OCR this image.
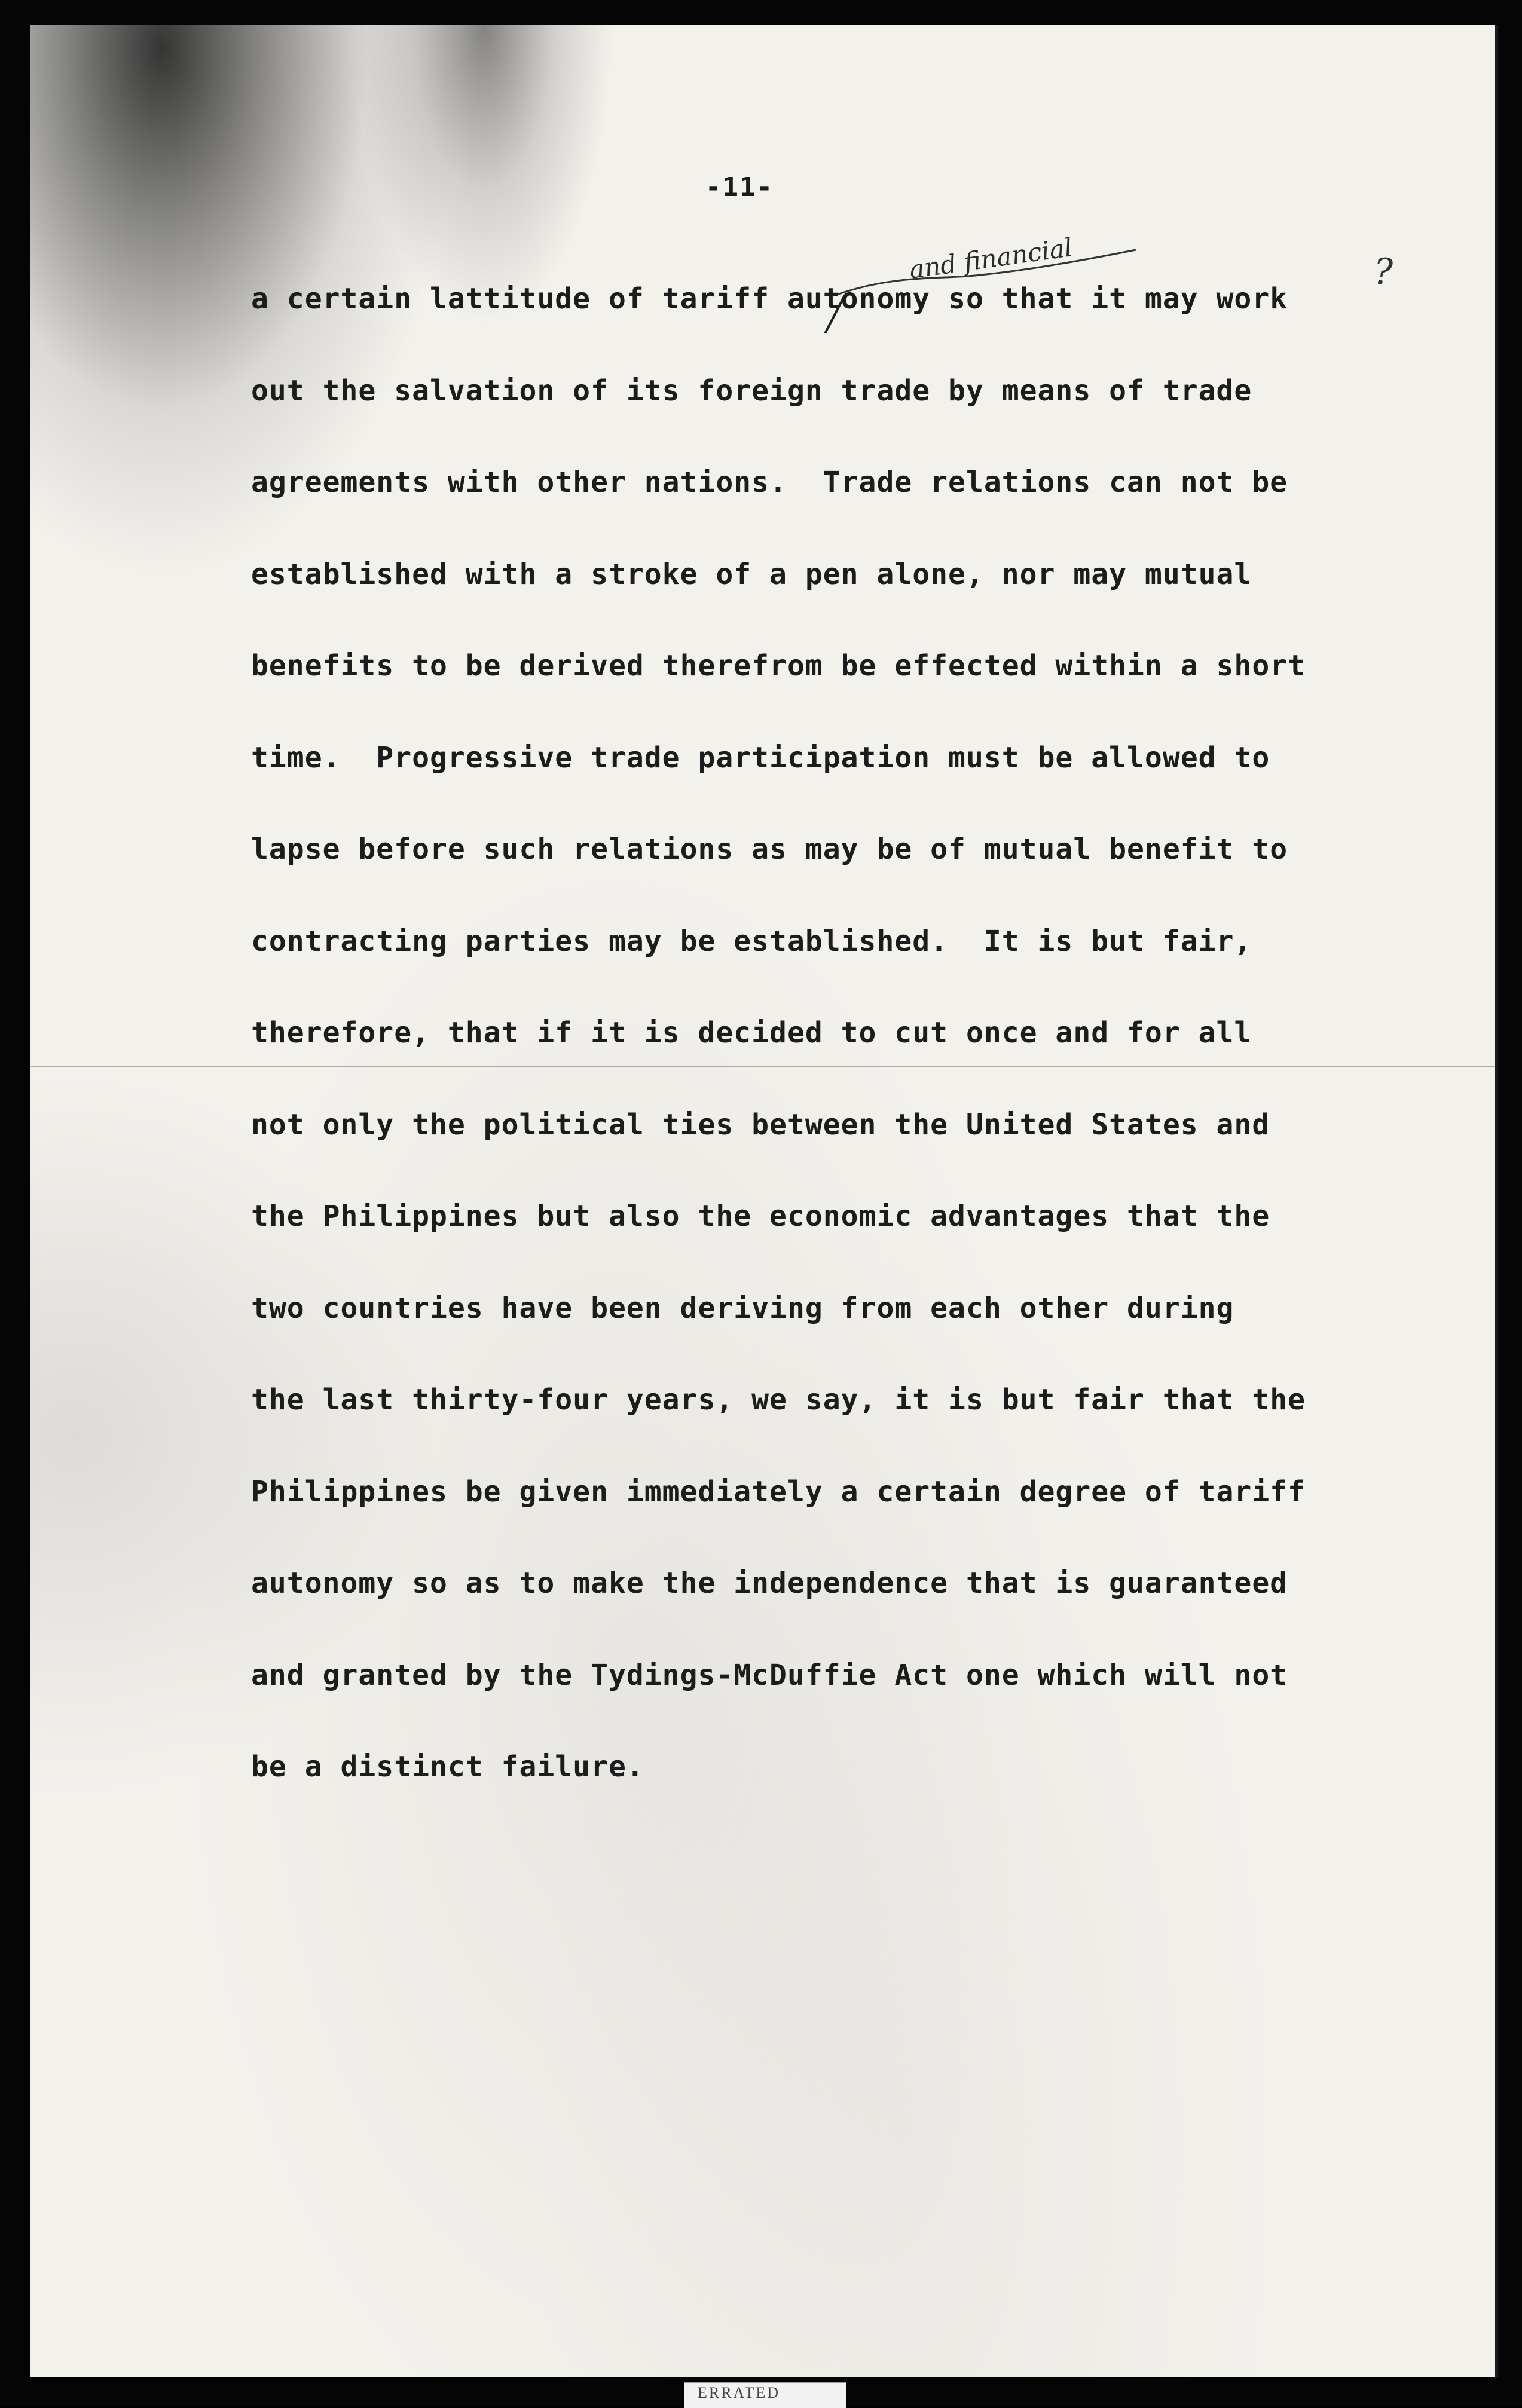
-11-
and financial	?
a certain lattitude of tariff autonomy so that it may work
out the salvation of its foreign trade by means of trade
agreements with other nations.  Trade relations can not be
established with a stroke of a pen alone, nor may mutual
benefits to be derived therefrom be effected within a short
time.  Progressive trade participation must be allowed to
lapse before such relations as may be of mutual benefit to
contracting parties may be established.  It is but fair,
therefore, that if it is decided to cut once and for all
not only the political ties between the United States and
the Philippines but also the economic advantages that the
two countries have been deriving from each other during
the last thirty-four years, we say, it is but fair that the
Philippines be given immediately a certain degree of tariff
autonomy so as to make the independence that is guaranteed
and granted by the Tydings-McDuffie Act one which will not
be a distinct failure.
ERRATED
